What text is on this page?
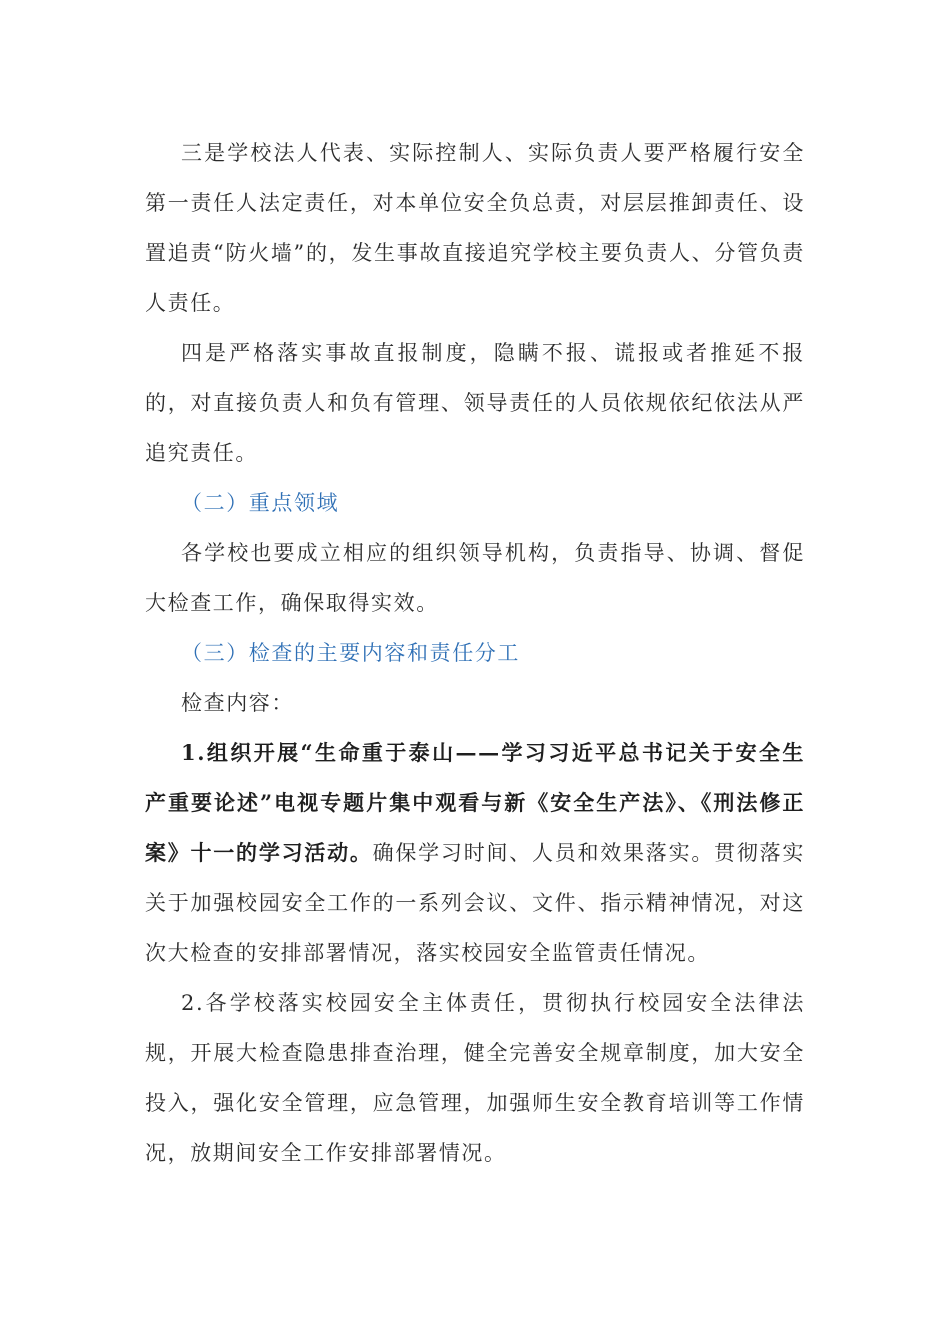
三是学校法人代表、实际控制人、实际负责人要严格履行安全第一责任人法定责任，对本单位安全负总责，对层层推卸责任、设置追责“防火墙”的，发生事故直接追究学校主要负责人、分管负责人责任。

四是严格落实事故直报制度，隐瞒不报、谎报或者推延不报的，对直接负责人和负有管理、领导责任的人员依规依纪依法从严追究责任。

（二）重点领域

各学校也要成立相应的组织领导机构，负责指导、协调、督促大检查工作，确保取得实效。

（三）检查的主要内容和责任分工

检查内容：

1.组织开展“生命重于泰山——学习习近平总书记关于安全生产重要论述”电视专题片集中观看与新《安全生产法》、《刑法修正案》十一的学习活动。确保学习时间、人员和效果落实。贯彻落实关于加强校园安全工作的一系列会议、文件、指示精神情况，对这次大检查的安排部署情况，落实校园安全监管责任情况。

2.各学校落实校园安全主体责任，贯彻执行校园安全法律法规，开展大检查隐患排查治理，健全完善安全规章制度，加大安全投入，强化安全管理，应急管理，加强师生安全教育培训等工作情况，放期间安全工作安排部署情况。
